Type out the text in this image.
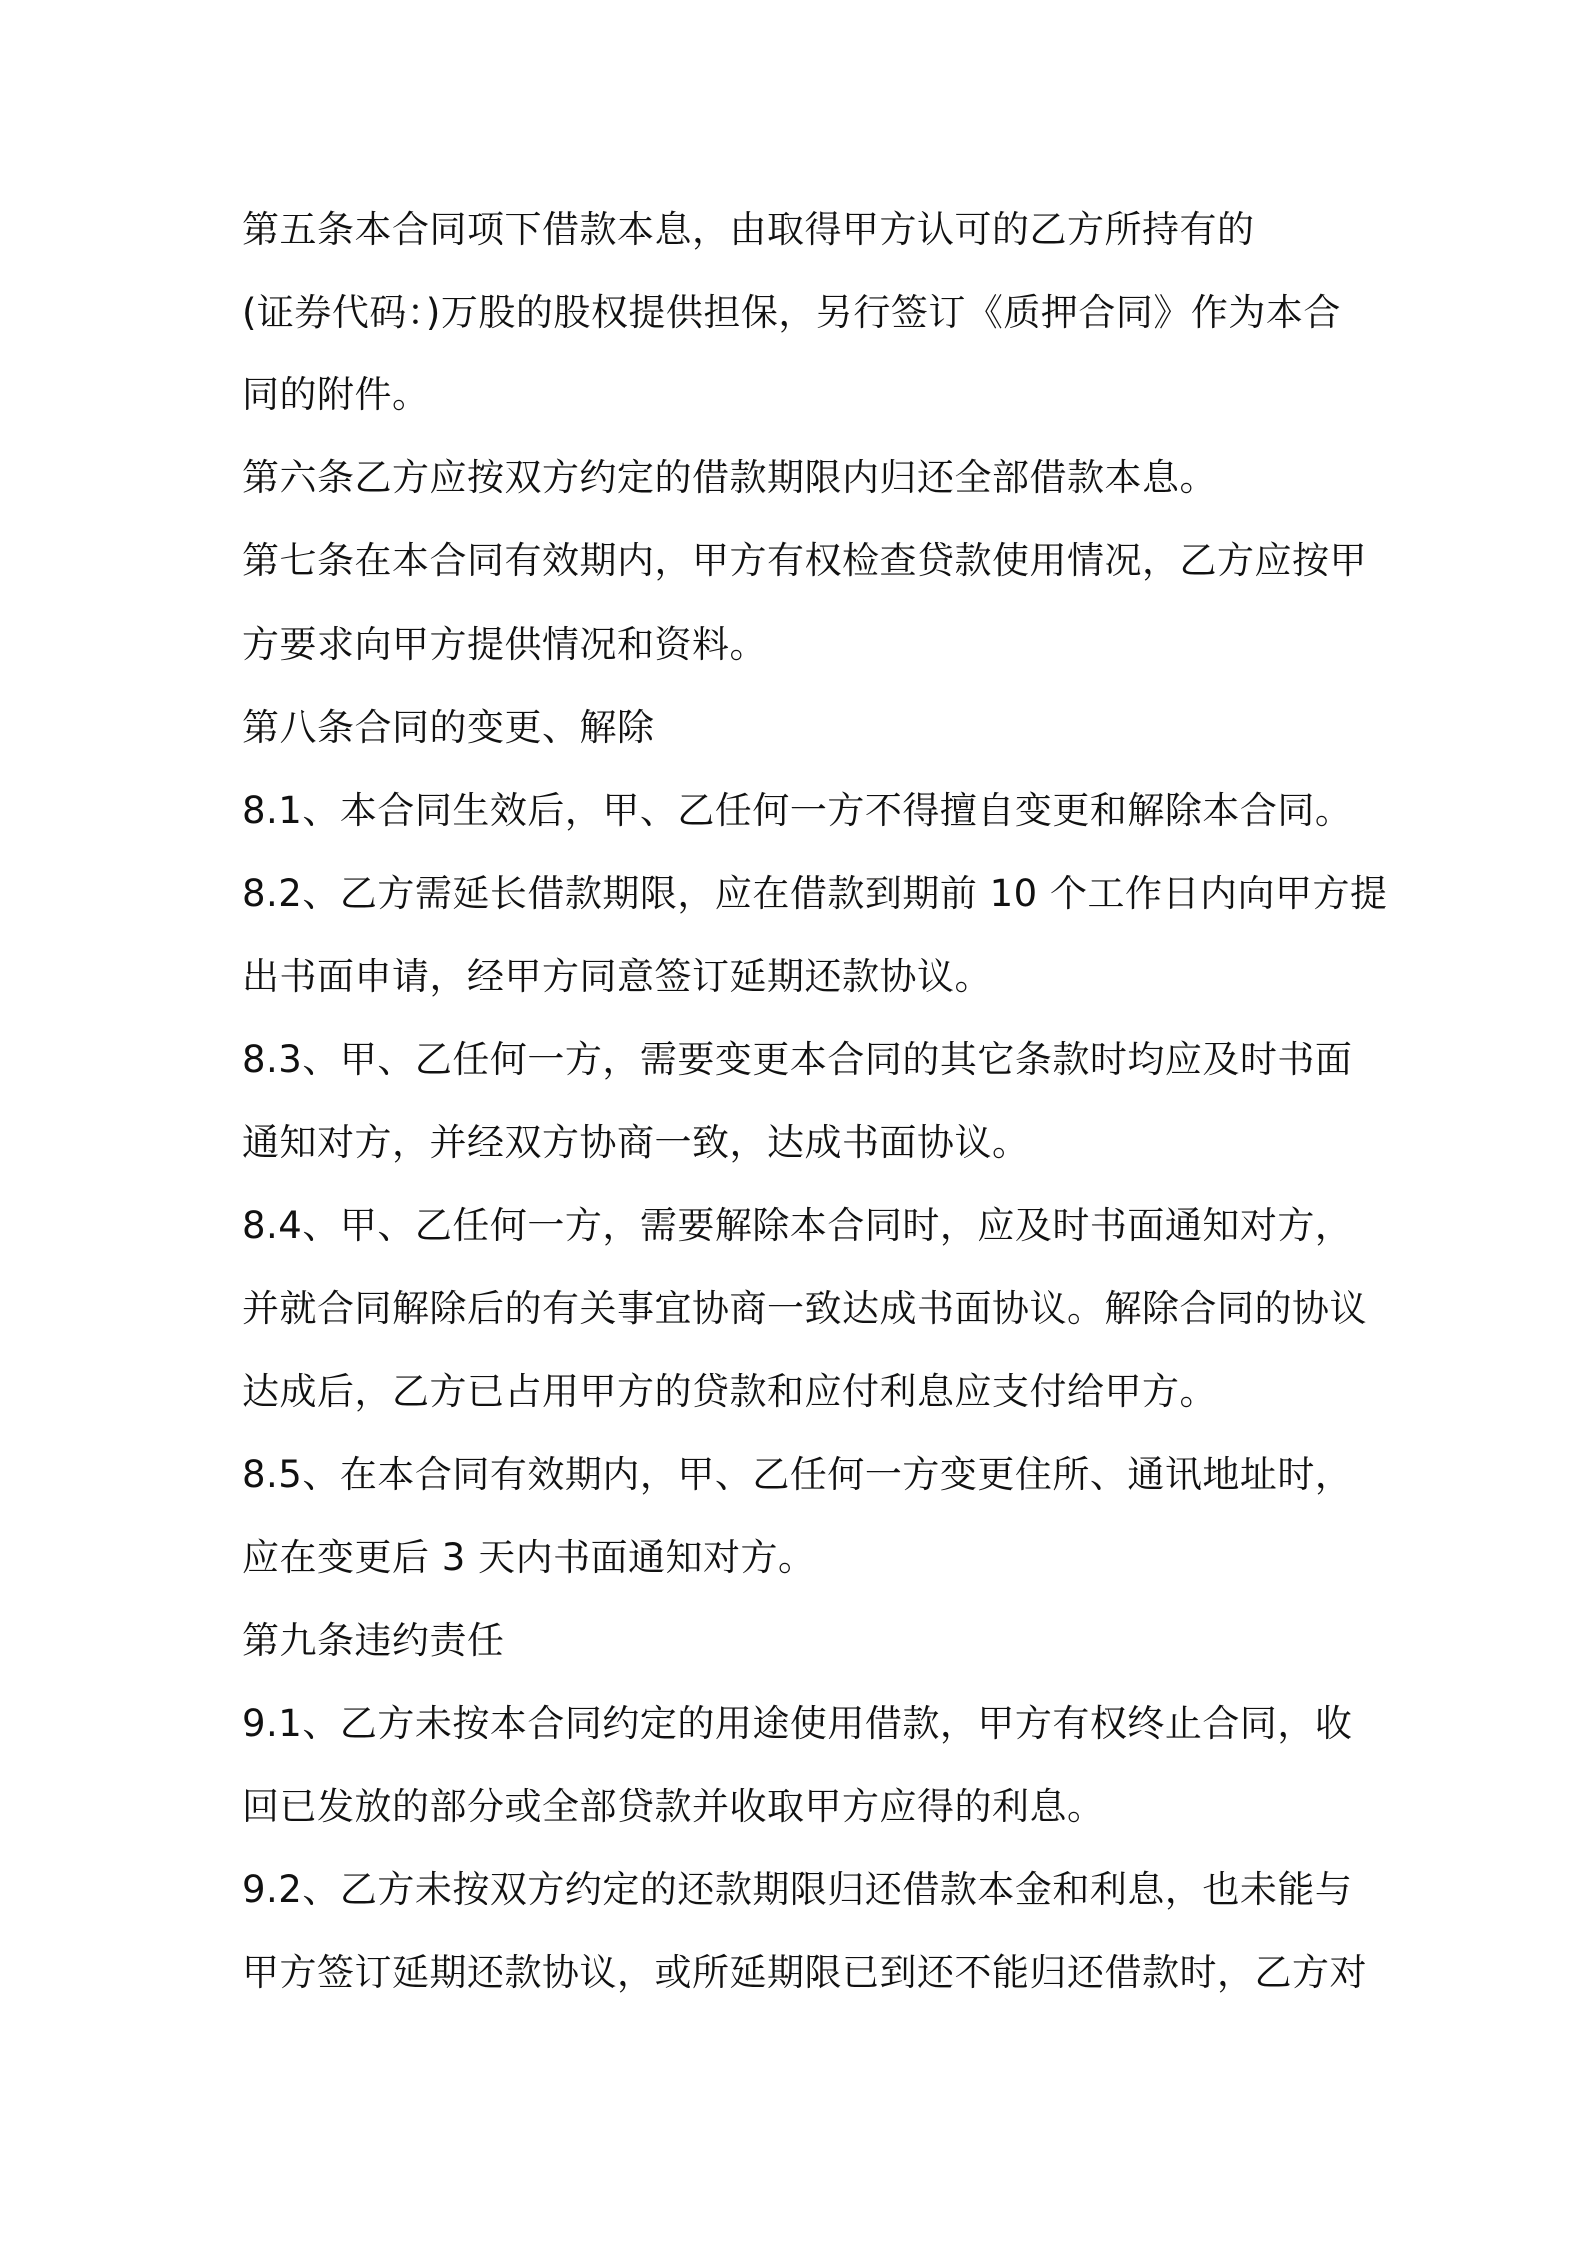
第五条本合同项下借款本息，由取得甲方认可的乙方所持有的

(证券代码：)万股的股权提供担保，另行签订《质押合同》作为本合

同的附件。

第六条乙方应按双方约定的借款期限内归还全部借款本息。

第七条在本合同有效期内，甲方有权检查贷款使用情况，乙方应按甲

方要求向甲方提供情况和资料。

第八条合同的变更、解除

8.1、本合同生效后，甲、乙任何一方不得擅自变更和解除本合同。

8.2、乙方需延长借款期限，应在借款到期前 10 个工作日内向甲方提

出书面申请，经甲方同意签订延期还款协议。

8.3、甲、乙任何一方，需要变更本合同的其它条款时均应及时书面

通知对方，并经双方协商一致，达成书面协议。

8.4、甲、乙任何一方，需要解除本合同时，应及时书面通知对方，

并就合同解除后的有关事宜协商一致达成书面协议。解除合同的协议

达成后，乙方已占用甲方的贷款和应付利息应支付给甲方。

8.5、在本合同有效期内，甲、乙任何一方变更住所、通讯地址时，

应在变更后 3 天内书面通知对方。

第九条违约责任

9.1、乙方未按本合同约定的用途使用借款，甲方有权终止合同，收

回已发放的部分或全部贷款并收取甲方应得的利息。

9.2、乙方未按双方约定的还款期限归还借款本金和利息，也未能与

甲方签订延期还款协议，或所延期限已到还不能归还借款时，乙方对
